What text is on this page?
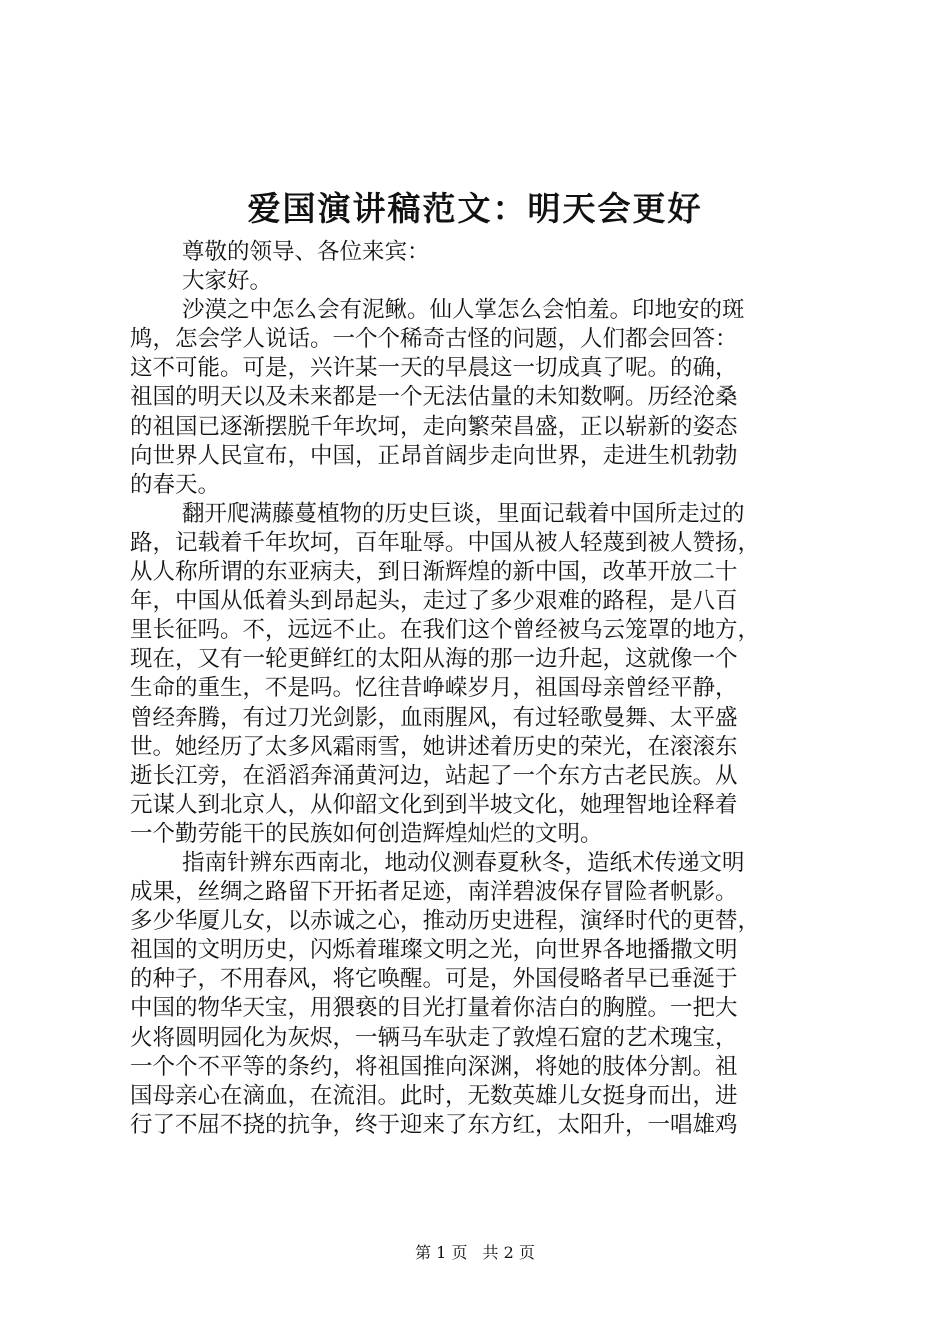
爱国演讲稿范文：明天会更好
尊敬的领导、各位来宾：
大家好。
沙漠之中怎么会有泥鳅。仙人掌怎么会怕羞。印地安的斑
鸠，怎会学人说话。一个个稀奇古怪的问题，人们都会回答：
这不可能。可是，兴许某一天的早晨这一切成真了呢。的确，
祖国的明天以及未来都是一个无法估量的未知数啊。历经沧桑
的祖国已逐渐摆脱千年坎坷，走向繁荣昌盛，正以崭新的姿态
向世界人民宣布，中国，正昂首阔步走向世界，走进生机勃勃
的春天。
翻开爬满藤蔓植物的历史巨谈，里面记载着中国所走过的
路，记载着千年坎坷，百年耻辱。中国从被人轻蔑到被人赞扬，
从人称所谓的东亚病夫，到日渐辉煌的新中国，改革开放二十
年，中国从低着头到昂起头，走过了多少艰难的路程，是八百
里长征吗。不，远远不止。在我们这个曾经被乌云笼罩的地方，
现在，又有一轮更鲜红的太阳从海的那一边升起，这就像一个
生命的重生，不是吗。忆往昔峥嵘岁月，祖国母亲曾经平静，
曾经奔腾，有过刀光剑影，血雨腥风，有过轻歌曼舞、太平盛
世。她经历了太多风霜雨雪，她讲述着历史的荣光，在滚滚东
逝长江旁，在滔滔奔涌黄河边，站起了一个东方古老民族。从
元谋人到北京人，从仰韶文化到到半坡文化，她理智地诠释着
一个勤劳能干的民族如何创造辉煌灿烂的文明。
指南针辨东西南北，地动仪测春夏秋冬，造纸术传递文明
成果，丝绸之路留下开拓者足迹，南洋碧波保存冒险者帆影。
多少华厦儿女，以赤诚之心，推动历史进程，演绎时代的更替，
祖国的文明历史，闪烁着璀璨文明之光，向世界各地播撒文明
的种子，不用春风，将它唤醒。可是，外国侵略者早已垂涎于
中国的物华天宝，用猥亵的目光打量着你洁白的胸膛。一把大
火将圆明园化为灰烬，一辆马车驮走了敦煌石窟的艺术瑰宝，
一个个不平等的条约，将祖国推向深渊，将她的肢体分割。祖
国母亲心在滴血，在流泪。此时，无数英雄儿女挺身而出，进
行了不屈不挠的抗争，终于迎来了东方红，太阳升，一唱雄鸡
第 1 页 共 2 页
